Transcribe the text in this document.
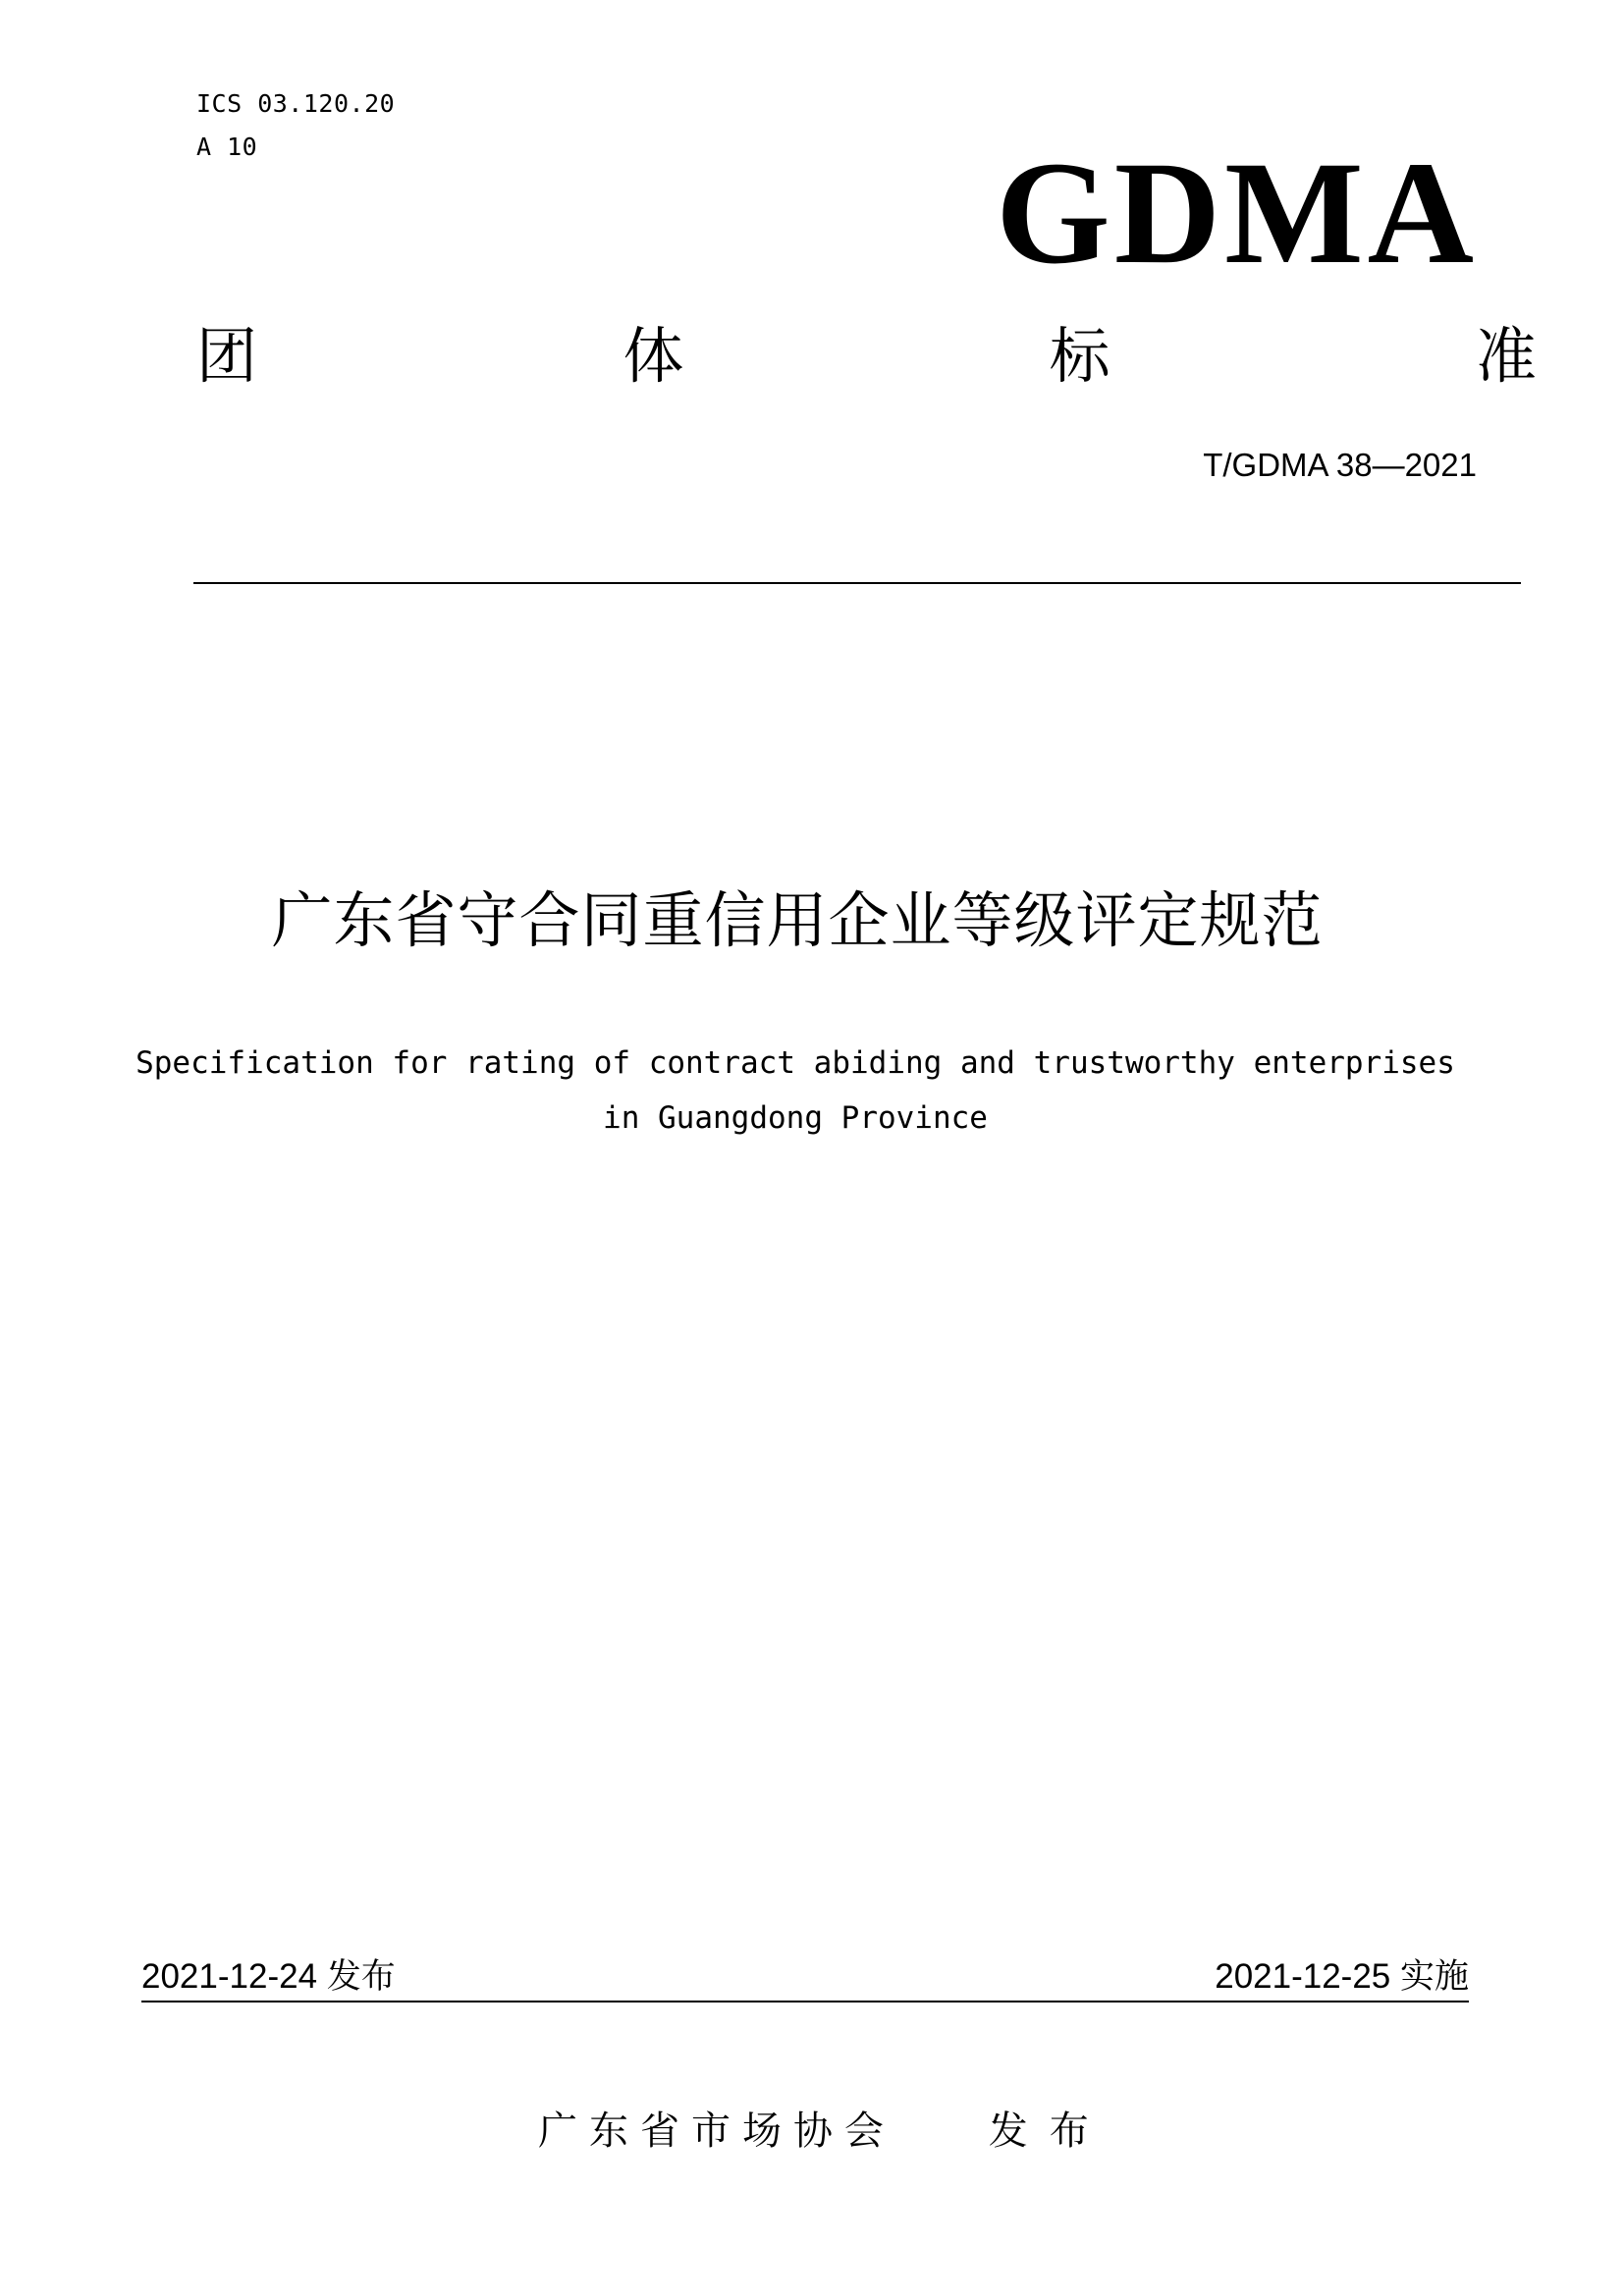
ICS 03.120.20
A 10	GDMA
团	体	标	准
T/GDMA 38—2021
广东省守合同重信用企业等级评定规范
Specification for rating of contract abiding and trustworthy enterprises
in Guangdong Province
2021-12-24 发布	2021-12-25 实施
广东省市场协会 发布
